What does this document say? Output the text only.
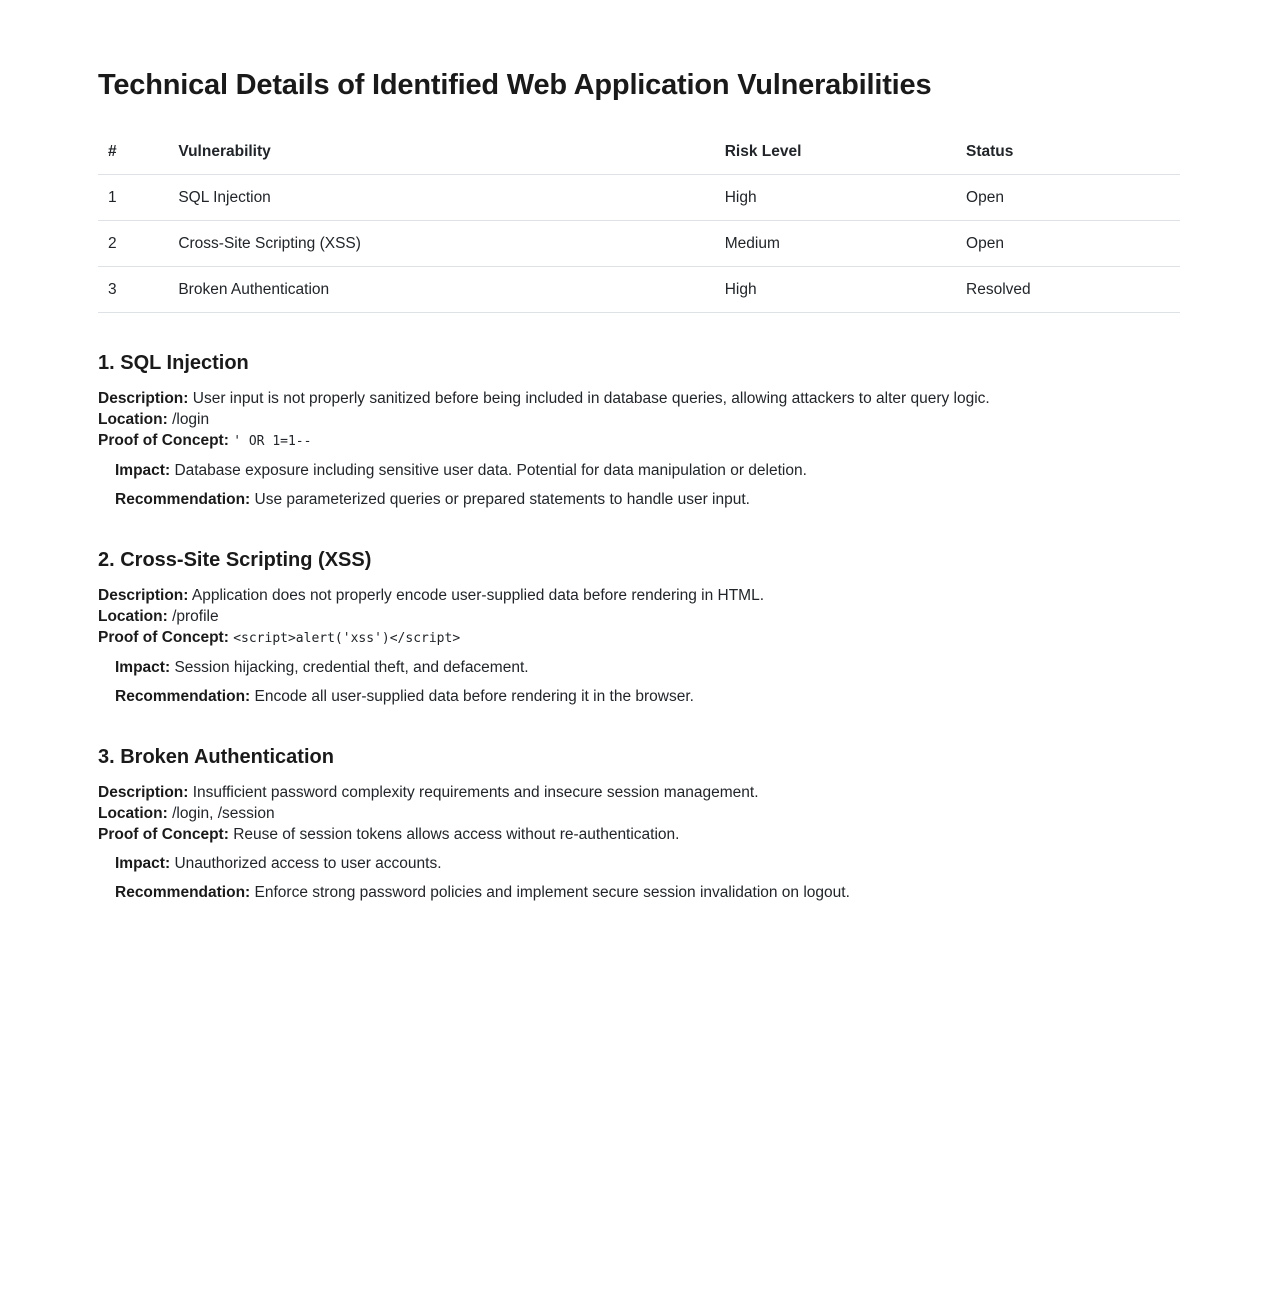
Technical Details of Identified Web Application Vulnerabilities
#	Vulnerability	Risk Level	Status
1	SQL Injection	High	Open
2	Cross-Site Scripting (XSS)	Medium	Open
3	Broken Authentication	High	Resolved
1. SQL Injection
Description: User input is not properly sanitized before being included in database queries, allowing attackers to alter query logic.
Location: /login
Proof of Concept: ' OR 1=1--

Impact: Database exposure including sensitive user data. Potential for data manipulation or deletion.

Recommendation: Use parameterized queries or prepared statements to handle user input.

2. Cross-Site Scripting (XSS)
Description: Application does not properly encode user-supplied data before rendering in HTML.
Location: /profile
Proof of Concept: <script>alert('xss')</script>

Impact: Session hijacking, credential theft, and defacement.

Recommendation: Encode all user-supplied data before rendering it in the browser.

3. Broken Authentication
Description: Insufficient password complexity requirements and insecure session management.
Location: /login, /session
Proof of Concept: Reuse of session tokens allows access without re-authentication.

Impact: Unauthorized access to user accounts.

Recommendation: Enforce strong password policies and implement secure session invalidation on logout.
